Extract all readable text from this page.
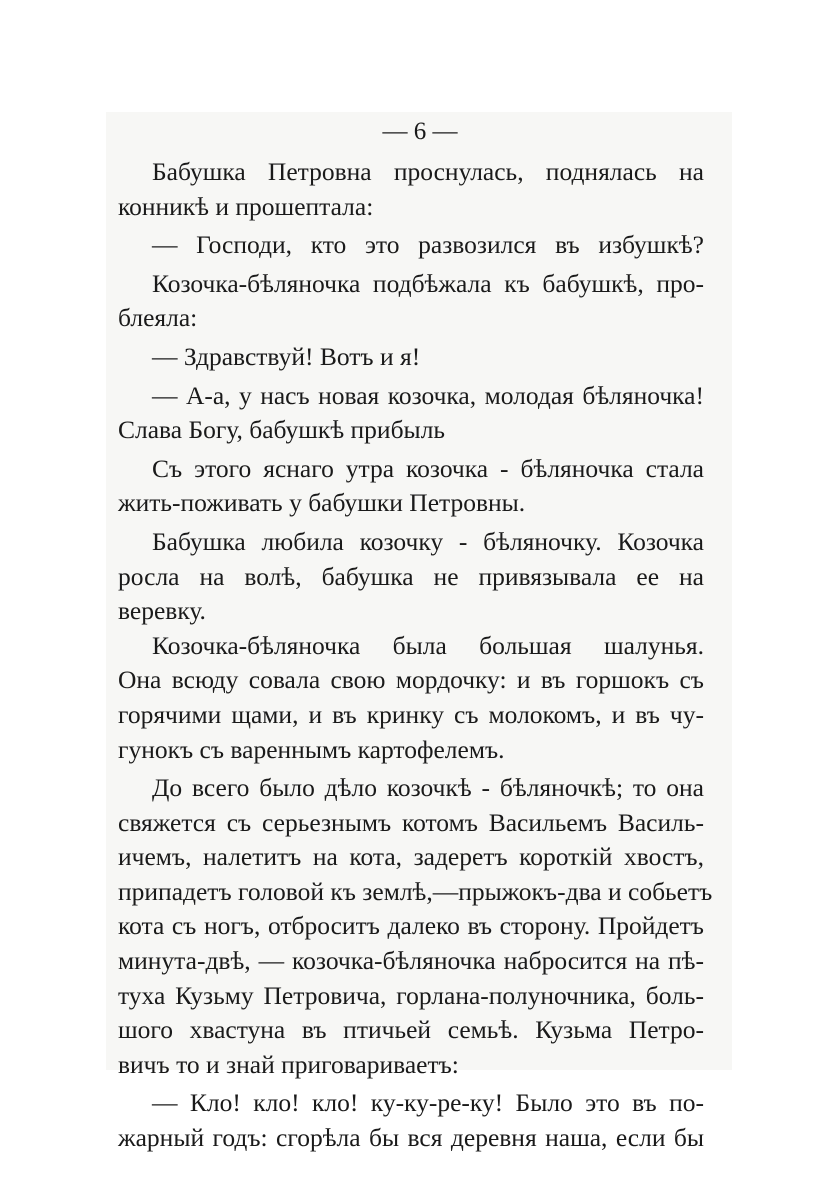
— 6 —
Бабушка Петровна проснулась, поднялась на
конникѣ и прошептала:
— Господи, кто это развозился въ избушкѣ?
Козочка-бѣляночка подбѣжала къ бабушкѣ, про-
блеяла:
— Здравствуй! Вотъ и я!
— А-а, у насъ новая козочка, молодая бѣляночка!
Слава Богу, бабушкѣ прибыль
Съ этого яснаго утра козочка - бѣляночка стала
жить-поживать у бабушки Петровны.
Бабушка любила козочку - бѣляночку. Козочка
росла на волѣ, бабушка не привязывала ее на
веревку.
Козочка-бѣляночка была большая шалунья.
Она всюду совала свою мордочку: и въ горшокъ съ
горячими щами, и въ кринку съ молокомъ, и въ чу-
гунокъ съ вареннымъ картофелемъ.
До всего было дѣло козочкѣ - бѣляночкѣ; то она
свяжется съ серьезнымъ котомъ Васильемъ Василь-
ичемъ, налетитъ на кота, задеретъ короткій хвостъ,
припадетъ головой къ землѣ,—прыжокъ-два и собьетъ
кота съ ногъ, отброситъ далеко въ сторону. Пройдетъ
минута-двѣ, — козочка-бѣляночка набросится на пѣ-
туха Кузьму Петровича, горлана-полуночника, боль-
шого хвастуна въ птичьей семьѣ. Кузьма Петро-
вичъ то и знай приговариваетъ:
— Кло! кло! кло! ку-ку-ре-ку! Было это въ по-
жарный годъ: сгорѣла бы вся деревня наша, если бы
